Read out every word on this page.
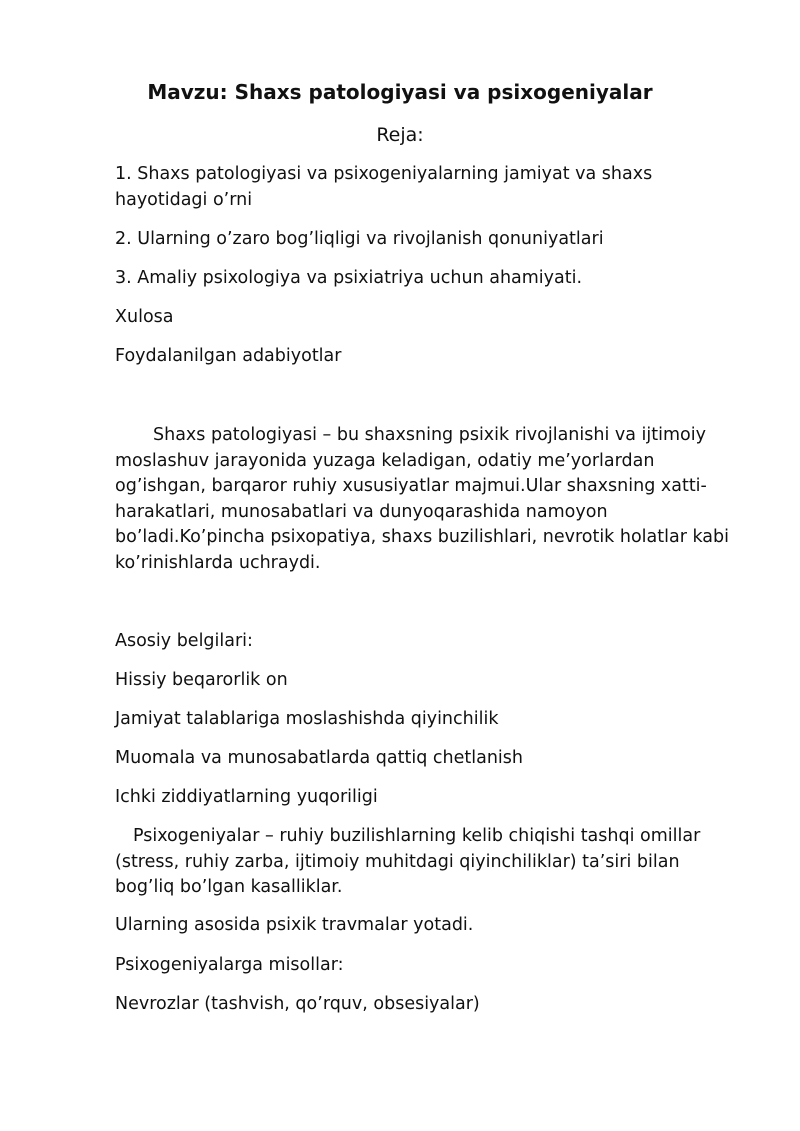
Mavzu: Shaxs patologiyasi va psixogeniyalar
Reja:

1. Shaxs patologiyasi va psixogeniyalarning jamiyat va shaxs hayotidagi o’rni

2. Ularning o’zaro bog’liqligi va rivojlanish qonuniyatlari

3. Amaliy psixologiya va psixiatriya uchun ahamiyati.

Xulosa

Foydalanilgan adabiyotlar

Shaxs patologiyasi – bu shaxsning psixik rivojlanishi va ijtimoiy moslashuv jarayonida yuzaga keladigan, odatiy me’yorlardan og’ishgan, barqaror ruhiy xususiyatlar majmui.Ular shaxsning xatti-harakatlari, munosabatlari va dunyoqarashida namoyon bo’ladi.Ko’pincha psixopatiya, shaxs buzilishlari, nevrotik holatlar kabi ko’rinishlarda uchraydi.

Asosiy belgilari:

Hissiy beqarorlik on

Jamiyat talablariga moslashishda qiyinchilik

Muomala va munosabatlarda qattiq chetlanish

Ichki ziddiyatlarning yuqoriligi

Psixogeniyalar – ruhiy buzilishlarning kelib chiqishi tashqi omillar (stress, ruhiy zarba, ijtimoiy muhitdagi qiyinchiliklar) ta’siri bilan bog’liq bo’lgan kasalliklar.

Ularning asosida psixik travmalar yotadi.

Psixogeniyalarga misollar:

Nevrozlar (tashvish, qo’rquv, obsesiyalar)
